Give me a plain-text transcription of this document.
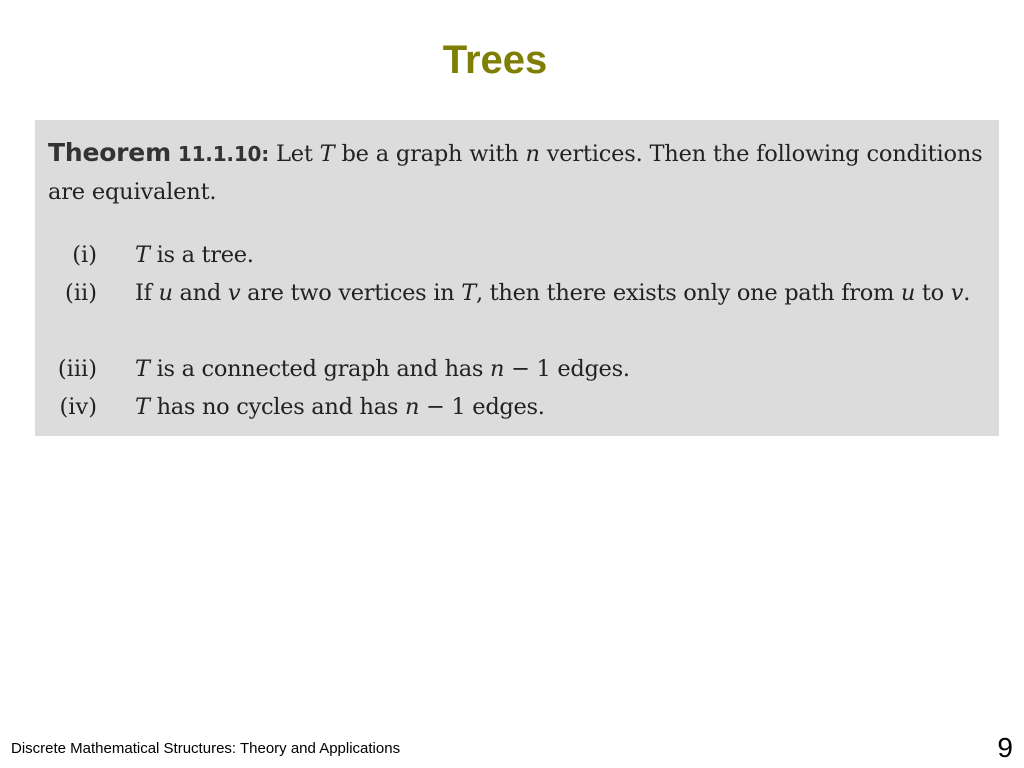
Trees
Theorem 11.1.10: Let T be a graph with n vertices. Then the following conditions are equivalent.
(i) T is a tree.
(ii) If u and v are two vertices in T, then there exists only one path from u to v.
(iii) T is a connected graph and has n − 1 edges.
(iv) T has no cycles and has n − 1 edges.
Discrete Mathematical Structures: Theory and Applications	9
